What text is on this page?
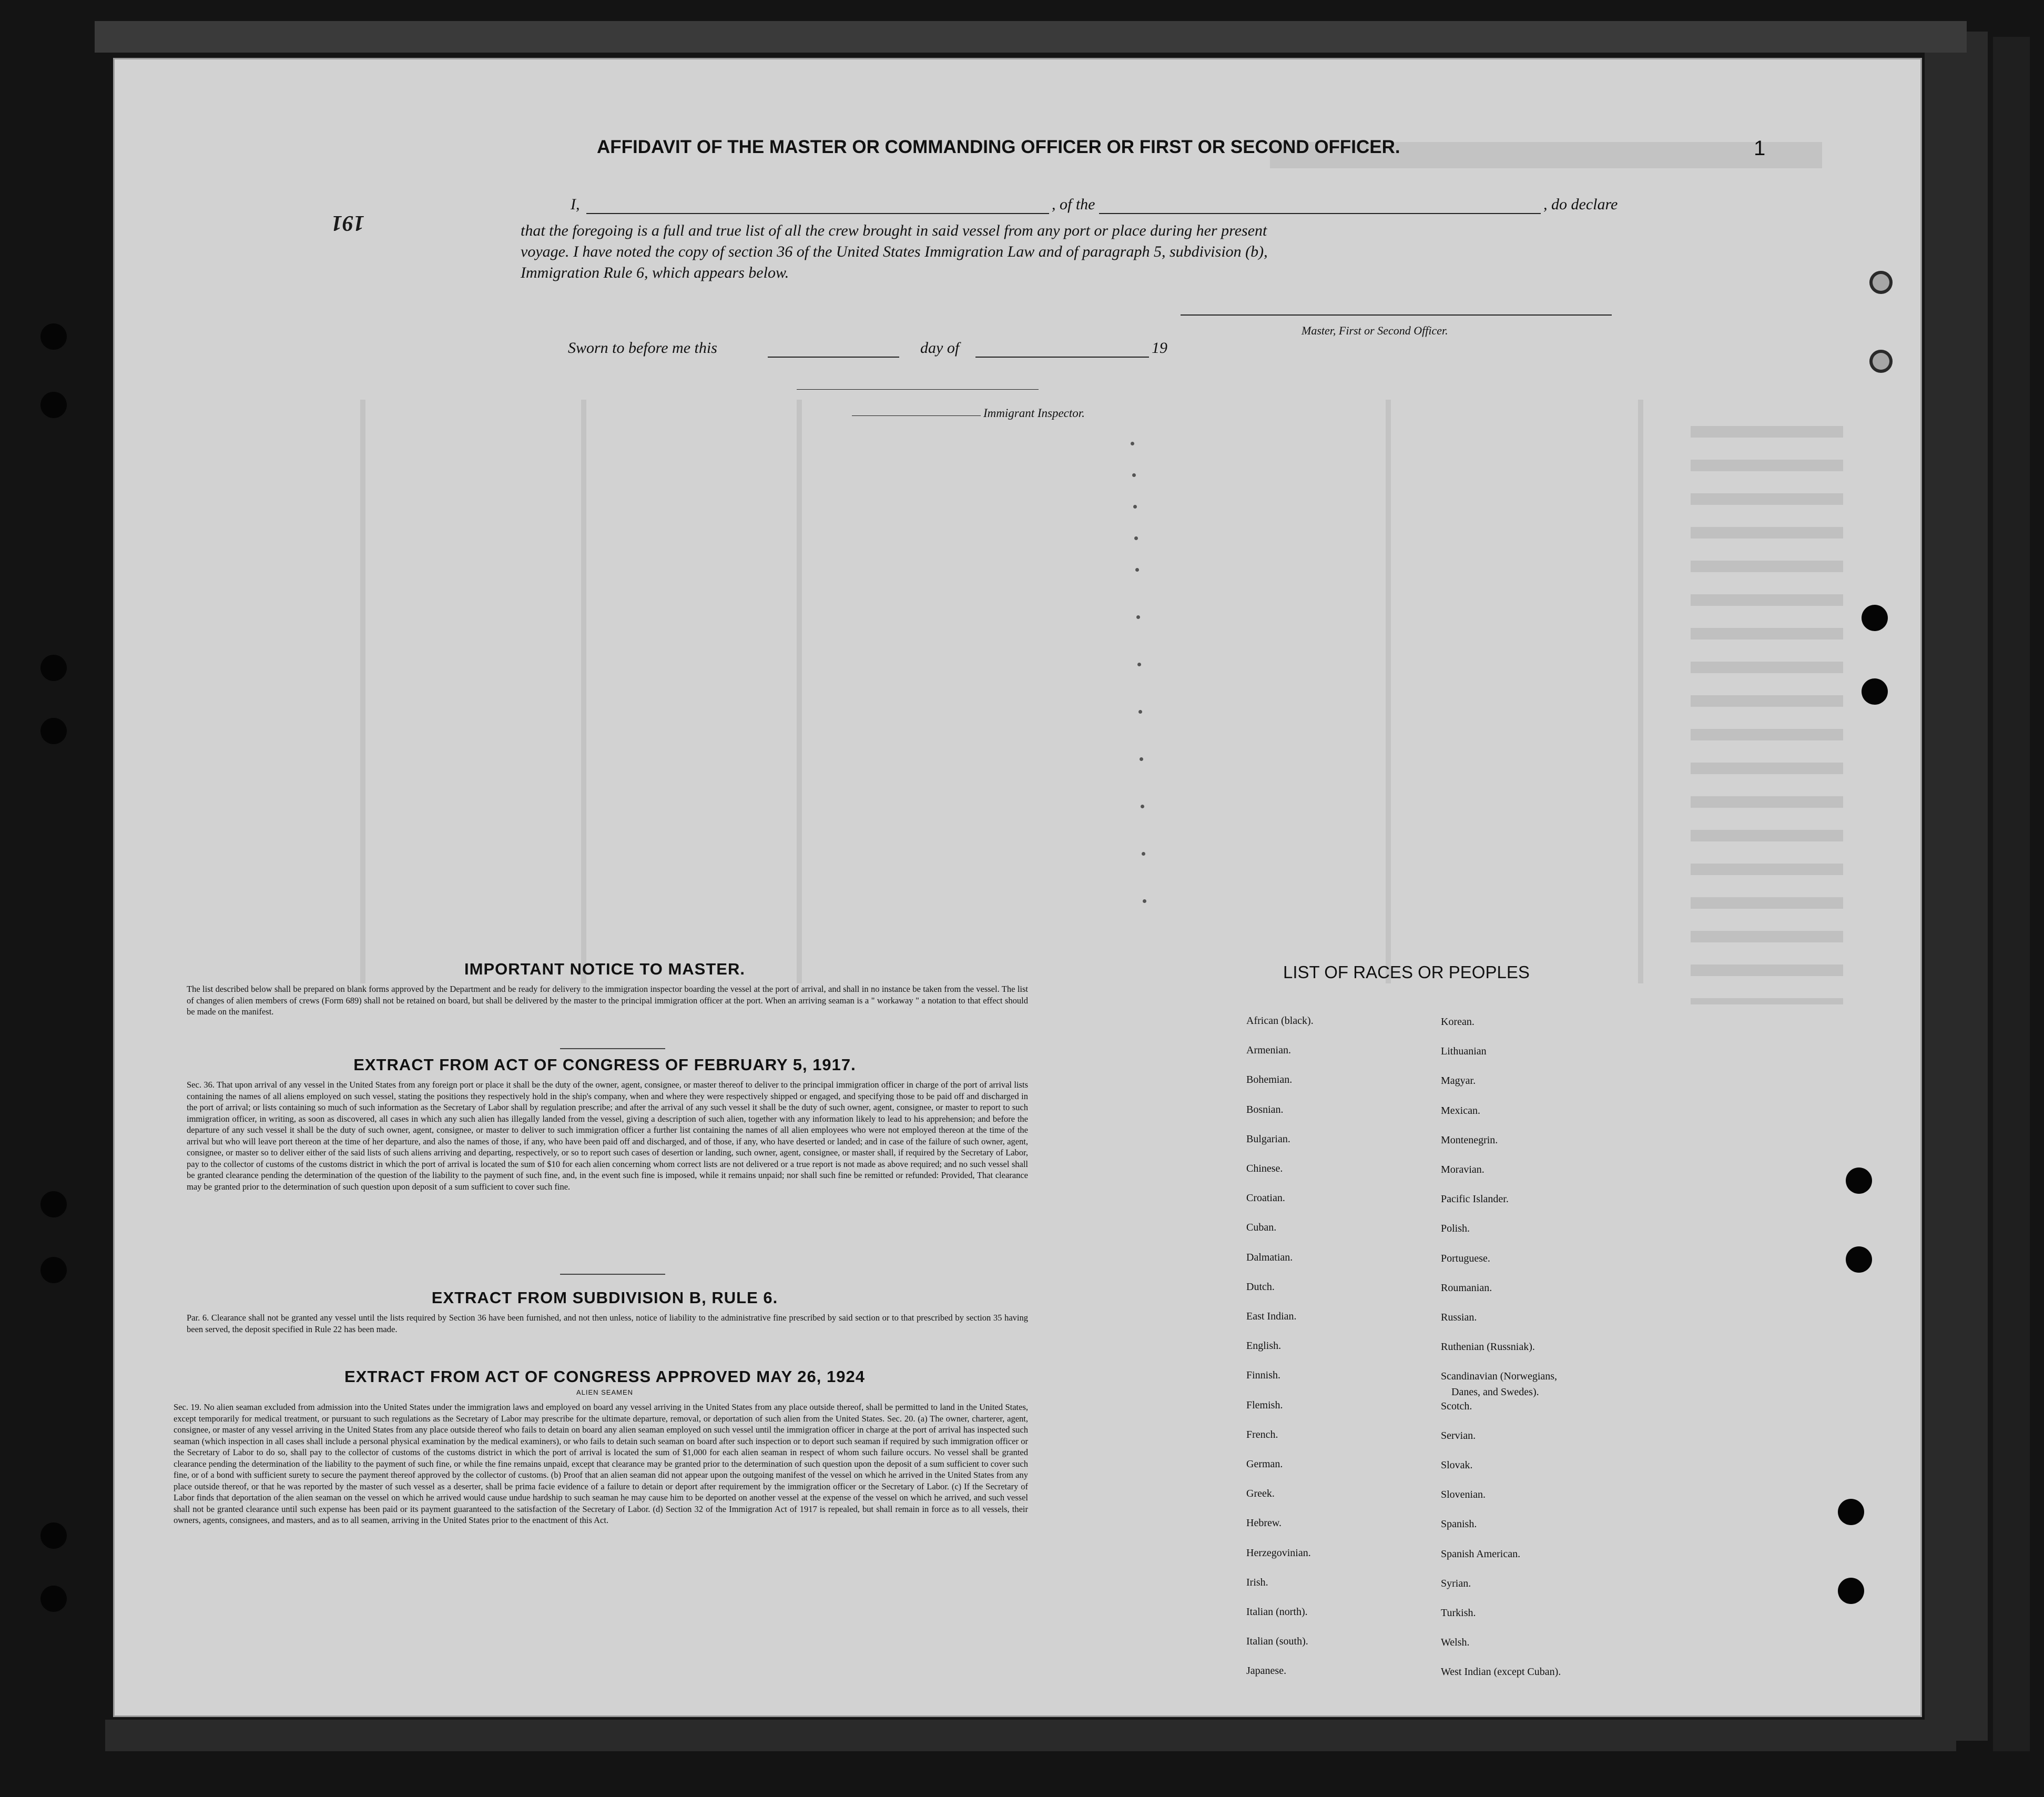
191
1
AFFIDAVIT OF THE MASTER OR COMMANDING OFFICER OR FIRST OR SECOND OFFICER.
I,	, of the	, do declare
that the foregoing is a full and true list of all the crew brought in said vessel from any port or place during her present
voyage. I have noted the copy of section 36 of the United States Immigration Law and of paragraph 5, subdivision (b),
Immigration Rule 6, which appears below.
Master, First or Second Officer.
Sworn to before me this	day of	19
Immigrant Inspector.
IMPORTANT NOTICE TO MASTER.
The list described below shall be prepared on blank forms approved by the Department and be ready for delivery to the immigration inspector boarding the vessel at the port of arrival, and shall in no instance be taken from the vessel. The list of changes of alien members of crews (Form 689) shall not be retained on board, but shall be delivered by the master to the principal immigration officer at the port. When an arriving seaman is a " workaway " a notation to that effect should be made on the manifest.
EXTRACT FROM ACT OF CONGRESS OF FEBRUARY 5, 1917.
Sec. 36. That upon arrival of any vessel in the United States from any foreign port or place it shall be the duty of the owner, agent, consignee, or master thereof to deliver to the principal immigration officer in charge of the port of arrival lists containing the names of all aliens employed on such vessel, stating the positions they respectively hold in the ship's company, when and where they were respectively shipped or engaged, and specifying those to be paid off and discharged in the port of arrival; or lists containing so much of such information as the Secretary of Labor shall by regulation prescribe; and after the arrival of any such vessel it shall be the duty of such owner, agent, consignee, or master to report to such immigration officer, in writing, as soon as discovered, all cases in which any such alien has illegally landed from the vessel, giving a description of such alien, together with any information likely to lead to his apprehension; and before the departure of any such vessel it shall be the duty of such owner, agent, consignee, or master to deliver to such immigration officer a further list containing the names of all alien employees who were not employed thereon at the time of the arrival but who will leave port thereon at the time of her departure, and also the names of those, if any, who have been paid off and discharged, and of those, if any, who have deserted or landed; and in case of the failure of such owner, agent, consignee, or master so to deliver either of the said lists of such aliens arriving and departing, respectively, or so to report such cases of desertion or landing, such owner, agent, consignee, or master shall, if required by the Secretary of Labor, pay to the collector of customs of the customs district in which the port of arrival is located the sum of $10 for each alien concerning whom correct lists are not delivered or a true report is not made as above required; and no such vessel shall be granted clearance pending the determination of the question of the liability to the payment of such fine, and, in the event such fine is imposed, while it remains unpaid; nor shall such fine be remitted or refunded: Provided, That clearance may be granted prior to the determination of such question upon deposit of a sum sufficient to cover such fine.
EXTRACT FROM SUBDIVISION B, RULE 6.
Par. 6. Clearance shall not be granted any vessel until the lists required by Section 36 have been furnished, and not then unless, notice of liability to the administrative fine prescribed by said section or to that prescribed by section 35 having been served, the deposit specified in Rule 22 has been made.
EXTRACT FROM ACT OF CONGRESS APPROVED MAY 26, 1924
ALIEN SEAMEN
Sec. 19. No alien seaman excluded from admission into the United States under the immigration laws and employed on board any vessel arriving in the United States from any place outside thereof, shall be permitted to land in the United States, except temporarily for medical treatment, or pursuant to such regulations as the Secretary of Labor may prescribe for the ultimate departure, removal, or deportation of such alien from the United States. Sec. 20. (a) The owner, charterer, agent, consignee, or master of any vessel arriving in the United States from any place outside thereof who fails to detain on board any alien seaman employed on such vessel until the immigration officer in charge at the port of arrival has inspected such seaman (which inspection in all cases shall include a personal physical examination by the medical examiners), or who fails to detain such seaman on board after such inspection or to deport such seaman if required by such immigration officer or the Secretary of Labor to do so, shall pay to the collector of customs of the customs district in which the port of arrival is located the sum of $1,000 for each alien seaman in respect of whom such failure occurs. No vessel shall be granted clearance pending the determination of the liability to the payment of such fine, or while the fine remains unpaid, except that clearance may be granted prior to the determination of such question upon the deposit of a sum sufficient to cover such fine, or of a bond with sufficient surety to secure the payment thereof approved by the collector of customs. (b) Proof that an alien seaman did not appear upon the outgoing manifest of the vessel on which he arrived in the United States from any place outside thereof, or that he was reported by the master of such vessel as a deserter, shall be prima facie evidence of a failure to detain or deport after requirement by the immigration officer or the Secretary of Labor. (c) If the Secretary of Labor finds that deportation of the alien seaman on the vessel on which he arrived would cause undue hardship to such seaman he may cause him to be deported on another vessel at the expense of the vessel on which he arrived, and such vessel shall not be granted clearance until such expense has been paid or its payment guaranteed to the satisfaction of the Secretary of Labor. (d) Section 32 of the Immigration Act of 1917 is repealed, but shall remain in force as to all vessels, their owners, agents, consignees, and masters, and as to all seamen, arriving in the United States prior to the enactment of this Act.
LIST OF RACES OR PEOPLES
African (black).
Armenian.
Bohemian.
Bosnian.
Bulgarian.
Chinese.
Croatian.
Cuban.
Dalmatian.
Dutch.
East Indian.
English.
Finnish.
Flemish.
French.
German.
Greek.
Hebrew.
Herzegovinian.
Irish.
Italian (north).
Italian (south).
Japanese.
Korean.
Lithuanian
Magyar.
Mexican.
Montenegrin.
Moravian.
Pacific Islander.
Polish.
Portuguese.
Roumanian.
Russian.
Ruthenian (Russniak).
Scandinavian (Norwegians,
Danes, and Swedes).
Scotch.
Servian.
Slovak.
Slovenian.
Spanish.
Spanish American.
Syrian.
Turkish.
Welsh.
West Indian (except Cuban).
